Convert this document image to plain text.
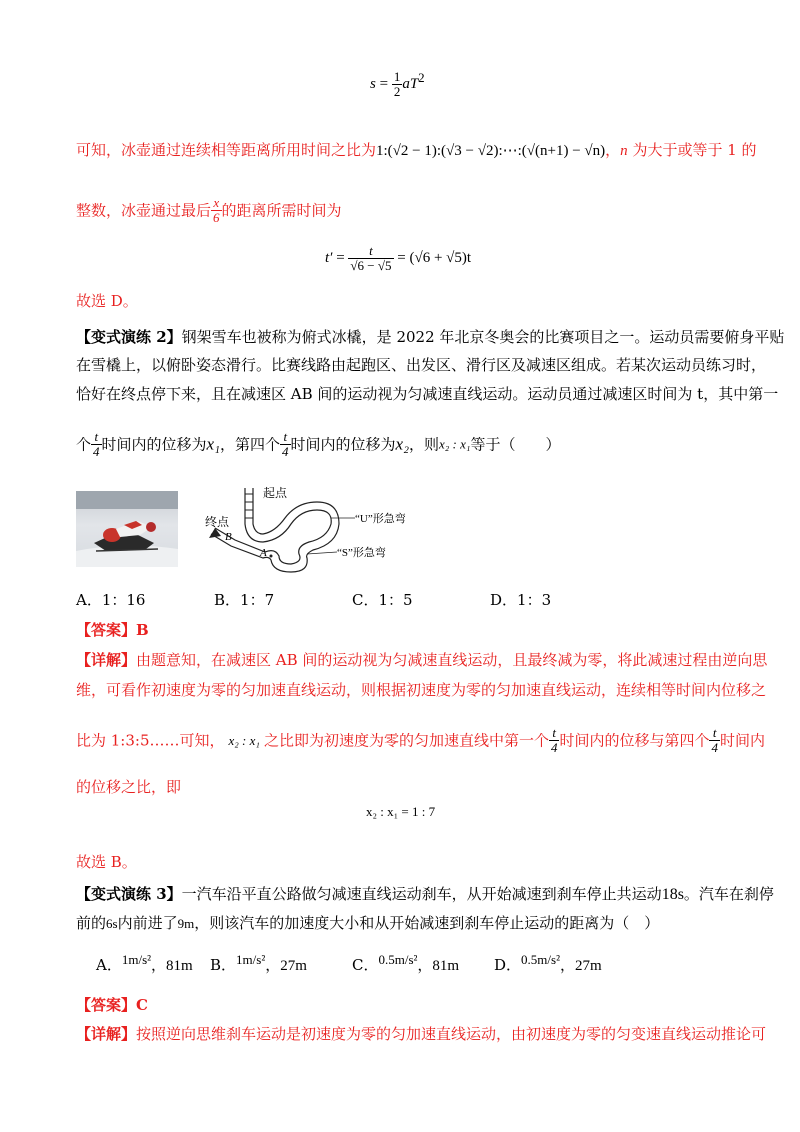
$s = \frac{1}{2} aT^2$
可知，冰壶通过连续相等距离所用时间之比为1:(√2 − 1):(√3 − √2):⋯:(√(n+1) − √n)，n 为大于或等于 1 的
整数，冰壶通过最后 $\frac{x}{6}$ 的距离所需时间为
$t' = \frac{t}{√6 - √5} = (√6 + √5)t$
故选 D。
【变式演练 2】钢架雪车也被称为俯式冰橇，是 2022 年北京冬奥会的比赛项目之一。运动员需要俯身平贴
在雪橇上，以俯卧姿态滑行。比赛线路由起跑区、出发区、滑行区及减速区组成。若某次运动员练习时，
恰好在终点停下来，且在减速区 AB 间的运动视为匀减速直线运动。运动员通过减速区时间为 t，其中第一
个 $\frac{t}{4}$ 时间内的位移为x₁，第四个 $\frac{t}{4}$ 时间内的位移为x₂，则x₂ : x₁等于（　　）
起点
终点
B
A
“U”形急弯
“S”形急弯
A．1：16	B．1：7	C．1：5	D．1：3
【答案】B
【详解】由题意知，在减速区 AB 间的运动视为匀减速直线运动，且最终减为零，将此减速过程由逆向思
维，可看作初速度为零的匀加速直线运动，则根据初速度为零的匀加速直线运动，连续相等时间内位移之
比为 1:3:5……可知， x₂ : x₁ 之比即为初速度为零的匀加速直线中第一个 $\frac{t}{4}$ 时间内的位移与第四个 $\frac{t}{4}$ 时间内
的位移之比，即
x₂ : x₁ = 1 : 7
故选 B。
【变式演练 3】一汽车沿平直公路做匀减速直线运动刹车，从开始减速到刹车停止共运动18s。汽车在刹停
前的6s内前进了9m，则该汽车的加速度大小和从开始减速到刹车停止运动的距离为（　）
A．1m/s²，81m B．1m/s²，27m	C．0.5m/s²，81m D．0.5m/s²，27m
【答案】C
【详解】按照逆向思维刹车运动是初速度为零的匀加速直线运动，由初速度为零的匀变速直线运动推论可
